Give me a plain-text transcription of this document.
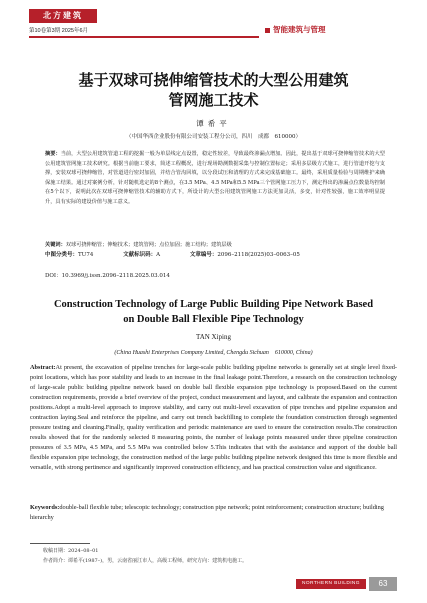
北方建筑
第10卷第3期 2025年6月	智能建筑与管理
基于双球可挠伸缩管技术的大型公用建筑
管网施工技术
谭希平
（中国华西企业股份有限公司安装工程分公司，四川　成都　610000）
摘要：当前，大型公用建筑管道工程的挖掘一般为单层线定点设置，稳定性较差，导致最终渗漏点增加。因此，提出基于双球可挠伸缩管技术的大型公用建筑管网施工技术研究。根据当前施工要求，简述工程概况，进行现场勘测数据采集与控制位置标定；采用多层级方式施工，进行管道开挖与支撑，安装双球可挠伸缩管，对管道进行密封加固，并结合管沟回填，以分段试压和清理的方式来完成基础施工。最终，采用质量检验与周期维护来确保施工结果。通过对案例分析，针对随机选定的8个测点，在3.5 MPa、4.5 MPa和5.5 MPa三个管网施工压力下，测定得出的渗漏点位数量均控制在5个以下，说明此次在双球可挠伸缩管技术的辅助方式下，所设计的大型公用建筑管网施工方法更加灵活，多变，针对性较强，施工效率明显提升，具有实际的建设价值与施工意义。
关键词：双球可挠伸缩管；伸缩技术；建筑管网；点位加固；施工结构；建筑层级
中图分类号：TU74	文献标识码：A	文章编号：2096–2118(2025)03–0063–05
DOI：10.3969/j.issn.2096–2118.2025.03.014
Construction Technology of Large Public Building Pipe Network Based
on Double Ball Flexible Pipe Technology
TAN Xiping
(China Huashi Enterprises Company Limited, Chengdu Sichuan　610000, China)
Abstract:At present, the excavation of pipeline trenches for large-scale public building pipeline networks is generally set at single level fixed-point locations, which has poor stability and leads to an increase in the final leakage point.Therefore, a research on the construction technology of large-scale public building pipeline network based on double ball flexible expansion pipe technology is proposed.Based on the current construction requirements, provide a brief overview of the project, conduct measurement and layout, and calibrate the expansion and contraction positions.Adopt a multi-level approach to improve stability, and carry out multi-level excavation of pipe trenches and pipeline expansion and contraction laying.Seal and reinforce the pipeline, and carry out trench backfilling to complete the foundation construction through segmented pressure testing and cleaning.Finally, quality verification and periodic maintenance are used to ensure the construction results.The construction results showed that for the randomly selected 8 measuring points, the number of leakage points measured under three pipeline construction pressures of 3.5 MPa, 4.5 MPa, and 5.5 MPa was controlled below 5.This indicates that with the assistance and support of the double ball flexible expansion pipe technology, the construction method of the large public building pipeline network designed this time is more flexible and versatile, with strong pertinence and significantly improved construction efficiency, and has practical construction value and significance.
Keywords:double-ball flexible tube; telescopic technology; construction pipe network; point reinforcement; construction structure; building hierarchy
收稿日期：2024–08–01
作者简介：谭希平(1987–)，男，云南省丽江市人，高级工程师，研究方向：建筑机电施工。
NORTHERN BUILDING	63
